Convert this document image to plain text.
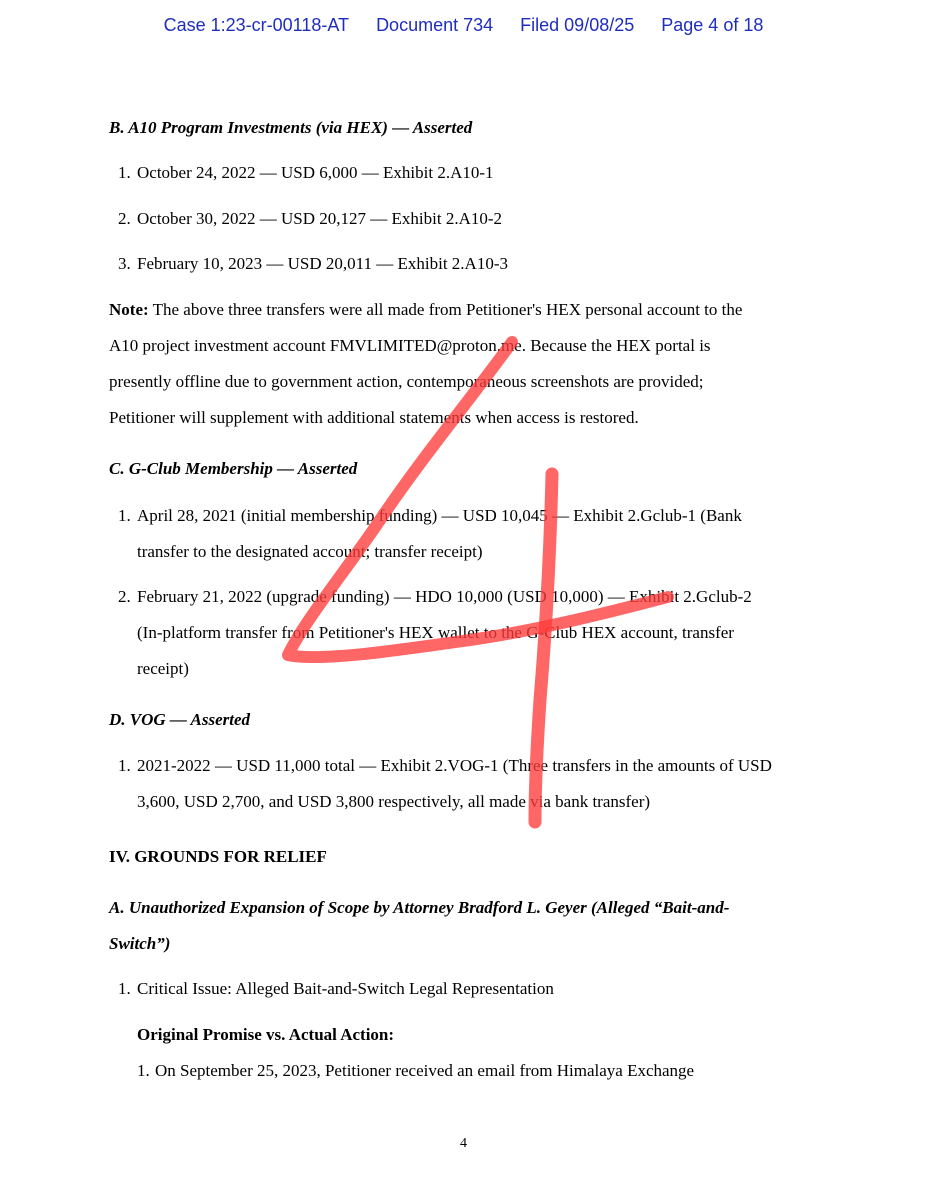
Case 1:23-cr-00118-AT Document 734 Filed 09/08/25 Page 4 of 18
B. A10 Program Investments (via HEX) — Asserted
1. October 24, 2022 — USD 6,000 — Exhibit 2.A10-1
2. October 30, 2022 — USD 20,127 — Exhibit 2.A10-2
3. February 10, 2023 — USD 20,011 — Exhibit 2.A10-3
Note: The above three transfers were all made from Petitioner's HEX personal account to the
A10 project investment account FMVLIMITED@proton.me. Because the HEX portal is
presently offline due to government action, contemporaneous screenshots are provided;
Petitioner will supplement with additional statements when access is restored.
C. G-Club Membership — Asserted
1. April 28, 2021 (initial membership funding) — USD 10,045 — Exhibit 2.Gclub-1 (Bank
transfer to the designated account; transfer receipt)
2. February 21, 2022 (upgrade funding) — HDO 10,000 (USD 10,000) — Exhibit 2.Gclub-2
(In-platform transfer from Petitioner's HEX wallet to the G-Club HEX account, transfer
receipt)
D. VOG — Asserted
1. 2021-2022 — USD 11,000 total — Exhibit 2.VOG-1 (Three transfers in the amounts of USD
3,600, USD 2,700, and USD 3,800 respectively, all made via bank transfer)
IV. GROUNDS FOR RELIEF
A. Unauthorized Expansion of Scope by Attorney Bradford L. Geyer (Alleged “Bait-and-
Switch”)
1. Critical Issue: Alleged Bait-and-Switch Legal Representation
Original Promise vs. Actual Action:
1. On September 25, 2023, Petitioner received an email from Himalaya Exchange
4
